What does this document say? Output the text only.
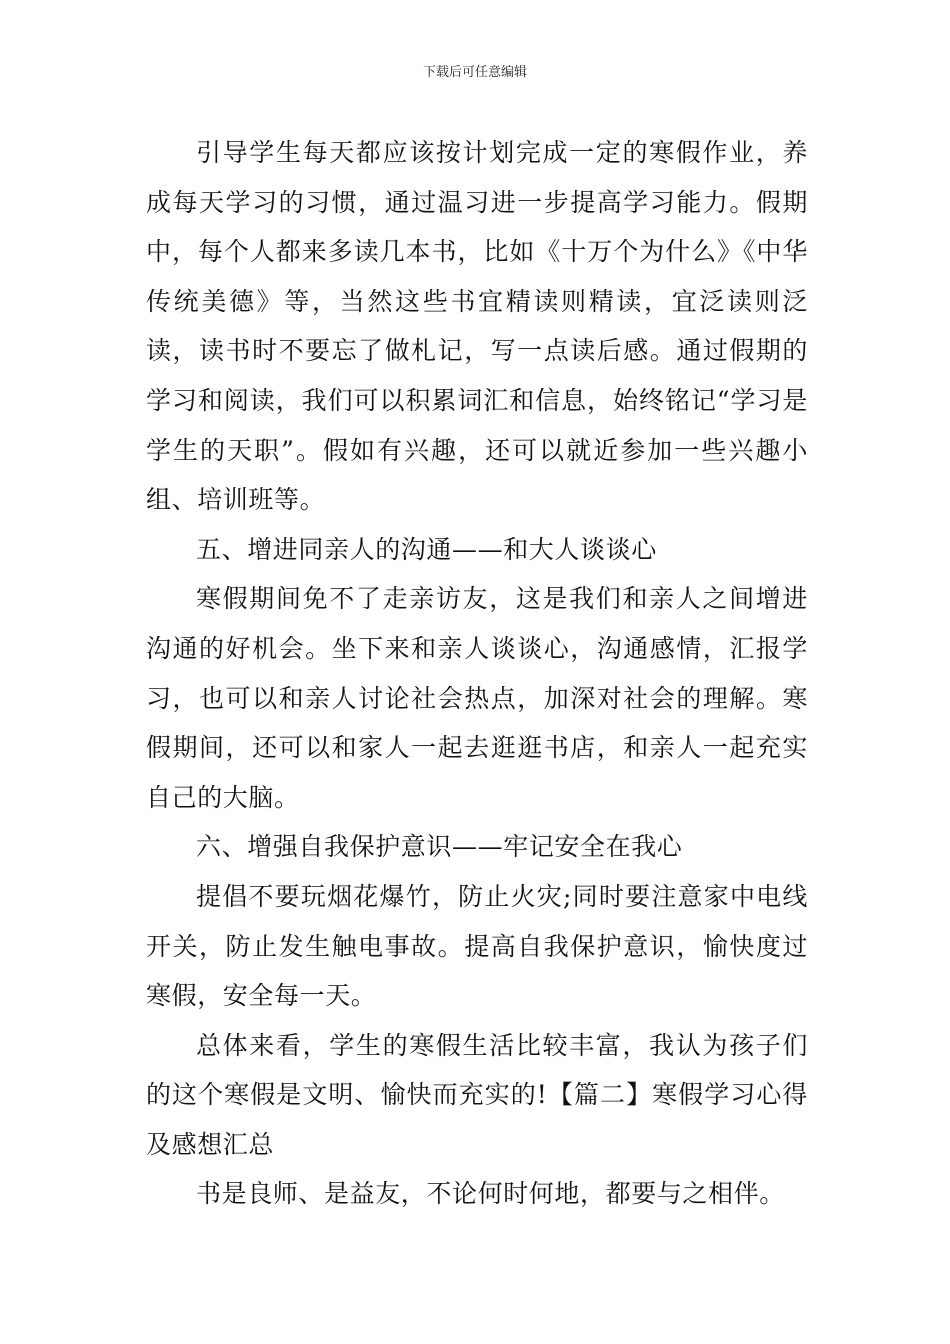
下载后可任意编辑

引导学生每天都应该按计划完成一定的寒假作业，养成每天学习的习惯，通过温习进一步提高学习能力。假期中，每个人都来多读几本书，比如《十万个为什么》《中华传统美德》等，当然这些书宜精读则精读，宜泛读则泛读，读书时不要忘了做札记，写一点读后感。通过假期的学习和阅读，我们可以积累词汇和信息，始终铭记“学习是学生的天职”。假如有兴趣，还可以就近参加一些兴趣小组、培训班等。

五、增进同亲人的沟通——和大人谈谈心

寒假期间免不了走亲访友，这是我们和亲人之间增进沟通的好机会。坐下来和亲人谈谈心，沟通感情，汇报学习，也可以和亲人讨论社会热点，加深对社会的理解。寒假期间，还可以和家人一起去逛逛书店，和亲人一起充实自己的大脑。

六、增强自我保护意识——牢记安全在我心

提倡不要玩烟花爆竹，防止火灾;同时要注意家中电线开关，防止发生触电事故。提高自我保护意识，愉快度过寒假，安全每一天。

总体来看，学生的寒假生活比较丰富，我认为孩子们的这个寒假是文明、愉快而充实的!【篇二】寒假学习心得及感想汇总

书是良师、是益友，不论何时何地，都要与之相伴。
